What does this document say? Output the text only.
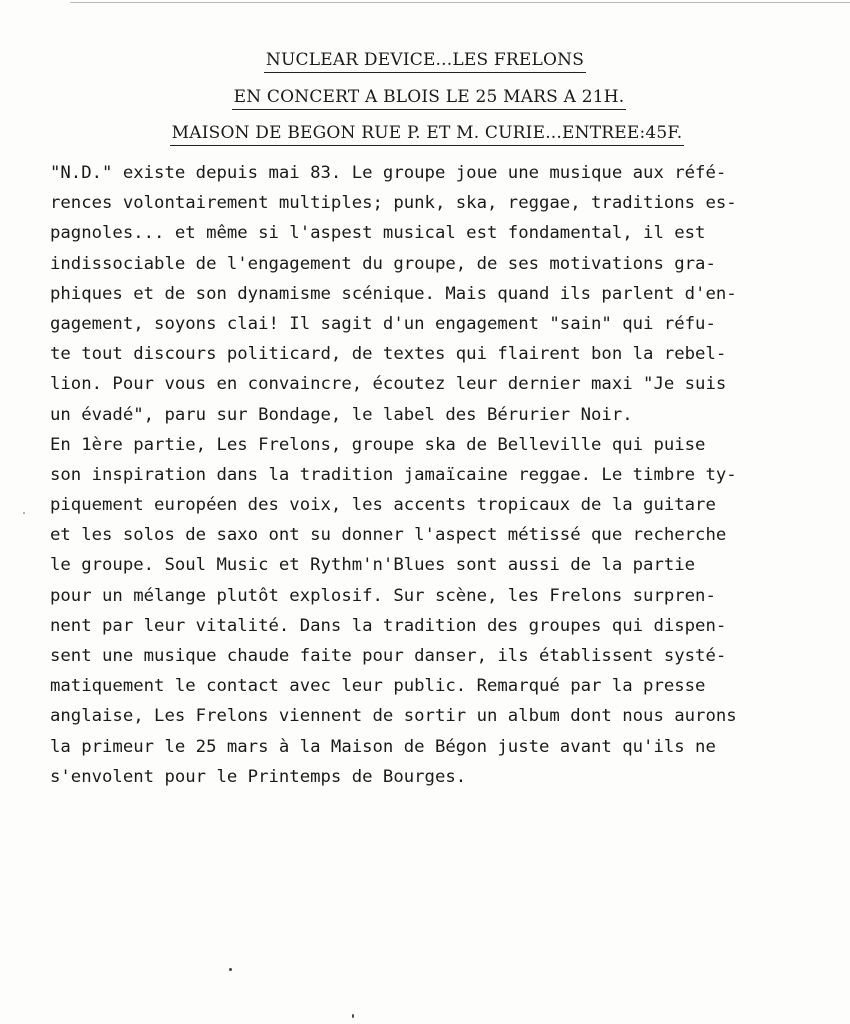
NUCLEAR DEVICE...LES FRELONS
EN CONCERT A BLOIS LE 25 MARS A 21H.
MAISON DE BEGON RUE P. ET M. CURIE...ENTREE:45F.
"N.D." existe depuis mai 83. Le groupe joue une musique aux réfé-
rences volontairement multiples; punk, ska, reggae, traditions es-
pagnoles... et même si l'aspest musical est fondamental, il est
indissociable de l'engagement du groupe, de ses motivations gra-
phiques et de son dynamisme scénique. Mais quand ils parlent d'en-
gagement, soyons clai! Il sagit d'un engagement "sain" qui réfu-
te tout discours politicard, de textes qui flairent bon la rebel-
lion. Pour vous en convaincre, écoutez leur dernier maxi "Je suis
un évadé", paru sur Bondage, le label des Bérurier Noir.
En 1ère partie, Les Frelons, groupe ska de Belleville qui puise
son inspiration dans la tradition jamaïcaine reggae. Le timbre ty-
piquement européen des voix, les accents tropicaux de la guitare
et les solos de saxo ont su donner l'aspect métissé que recherche
le groupe. Soul Music et Rythm'n'Blues sont aussi de la partie
pour un mélange plutôt explosif. Sur scène, les Frelons surpren-
nent par leur vitalité. Dans la tradition des groupes qui dispen-
sent une musique chaude faite pour danser, ils établissent systé-
matiquement le contact avec leur public. Remarqué par la presse
anglaise, Les Frelons viennent de sortir un album dont nous aurons
la primeur le 25 mars à la Maison de Bégon juste avant qu'ils ne
s'envolent pour le Printemps de Bourges.
